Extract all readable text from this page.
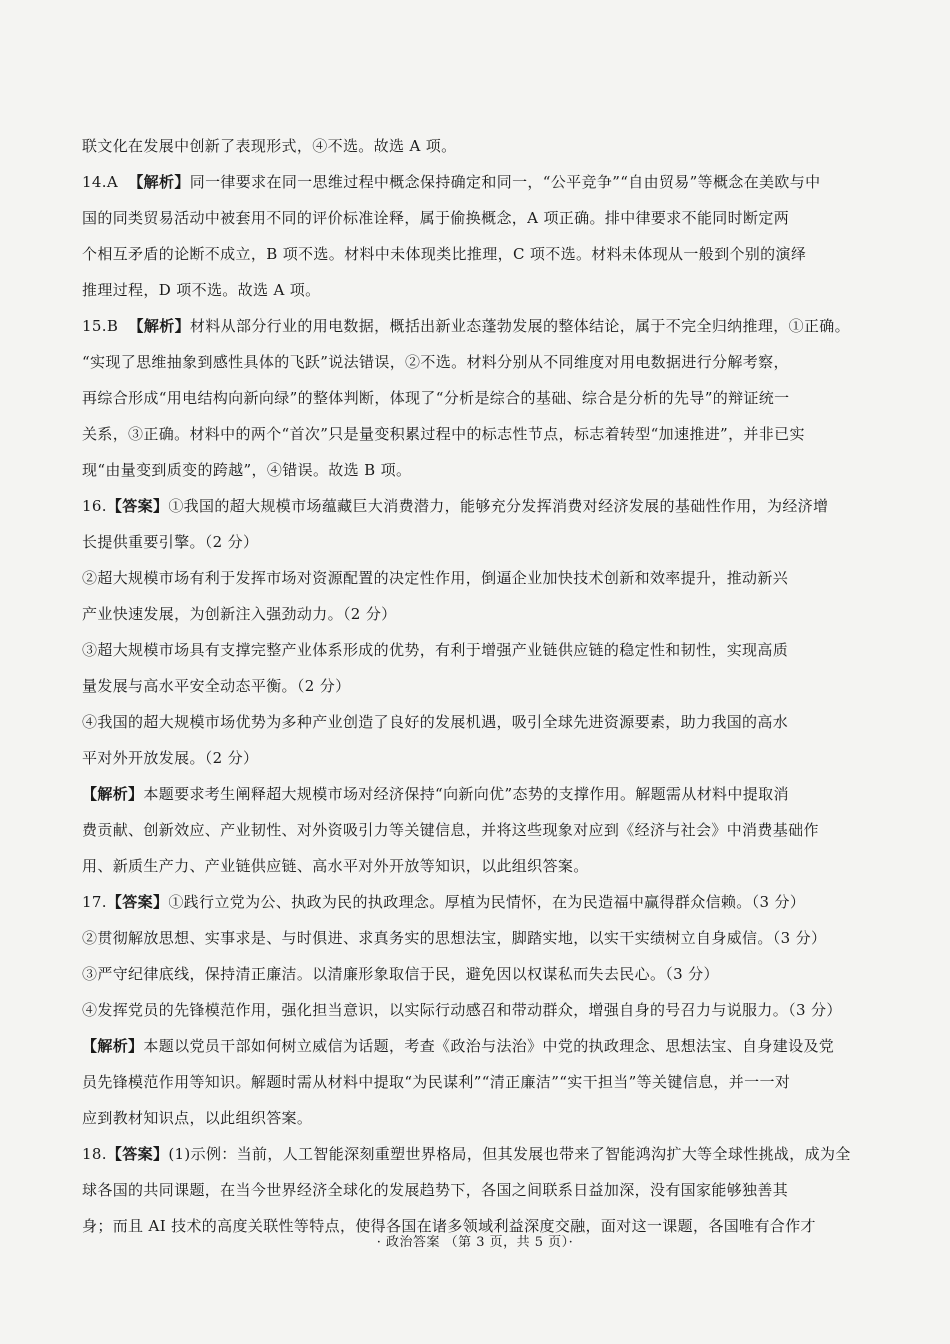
联文化在发展中创新了表现形式，④不选。故选 A 项。
14.A  【解析】同一律要求在同一思维过程中概念保持确定和同一，“公平竞争”“自由贸易”等概念在美欧与中
国的同类贸易活动中被套用不同的评价标准诠释，属于偷换概念，A 项正确。排中律要求不能同时断定两
个相互矛盾的论断不成立，B 项不选。材料中未体现类比推理，C 项不选。材料未体现从一般到个别的演绎
推理过程，D 项不选。故选 A 项。
15.B  【解析】材料从部分行业的用电数据，概括出新业态蓬勃发展的整体结论，属于不完全归纳推理，①正确。
“实现了思维抽象到感性具体的飞跃”说法错误，②不选。材料分别从不同维度对用电数据进行分解考察，
再综合形成“用电结构向新向绿”的整体判断，体现了“分析是综合的基础、综合是分析的先导”的辩证统一
关系，③正确。材料中的两个“首次”只是量变积累过程中的标志性节点，标志着转型“加速推进”，并非已实
现“由量变到质变的跨越”，④错误。故选 B 项。
16.【答案】①我国的超大规模市场蕴藏巨大消费潜力，能够充分发挥消费对经济发展的基础性作用，为经济增
长提供重要引擎。（2 分）
②超大规模市场有利于发挥市场对资源配置的决定性作用，倒逼企业加快技术创新和效率提升，推动新兴
产业快速发展，为创新注入强劲动力。（2 分）
③超大规模市场具有支撑完整产业体系形成的优势，有利于增强产业链供应链的稳定性和韧性，实现高质
量发展与高水平安全动态平衡。（2 分）
④我国的超大规模市场优势为多种产业创造了良好的发展机遇，吸引全球先进资源要素，助力我国的高水
平对外开放发展。（2 分）
【解析】本题要求考生阐释超大规模市场对经济保持“向新向优”态势的支撑作用。解题需从材料中提取消
费贡献、创新效应、产业韧性、对外资吸引力等关键信息，并将这些现象对应到《经济与社会》中消费基础作
用、新质生产力、产业链供应链、高水平对外开放等知识，以此组织答案。
17.【答案】①践行立党为公、执政为民的执政理念。厚植为民情怀，在为民造福中赢得群众信赖。（3 分）
②贯彻解放思想、实事求是、与时俱进、求真务实的思想法宝，脚踏实地，以实干实绩树立自身威信。（3 分）
③严守纪律底线，保持清正廉洁。以清廉形象取信于民，避免因以权谋私而失去民心。（3 分）
④发挥党员的先锋模范作用，强化担当意识，以实际行动感召和带动群众，增强自身的号召力与说服力。（3 分）
【解析】本题以党员干部如何树立威信为话题，考查《政治与法治》中党的执政理念、思想法宝、自身建设及党
员先锋模范作用等知识。解题时需从材料中提取“为民谋利”“清正廉洁”“实干担当”等关键信息，并一一对
应到教材知识点，以此组织答案。
18.【答案】(1)示例：当前，人工智能深刻重塑世界格局，但其发展也带来了智能鸿沟扩大等全球性挑战，成为全
球各国的共同课题，在当今世界经济全球化的发展趋势下，各国之间联系日益加深，没有国家能够独善其
身；而且 AI 技术的高度关联性等特点，使得各国在诸多领域利益深度交融，面对这一课题，各国唯有合作才
· 政治答案 （第 3 页，共 5 页）·
